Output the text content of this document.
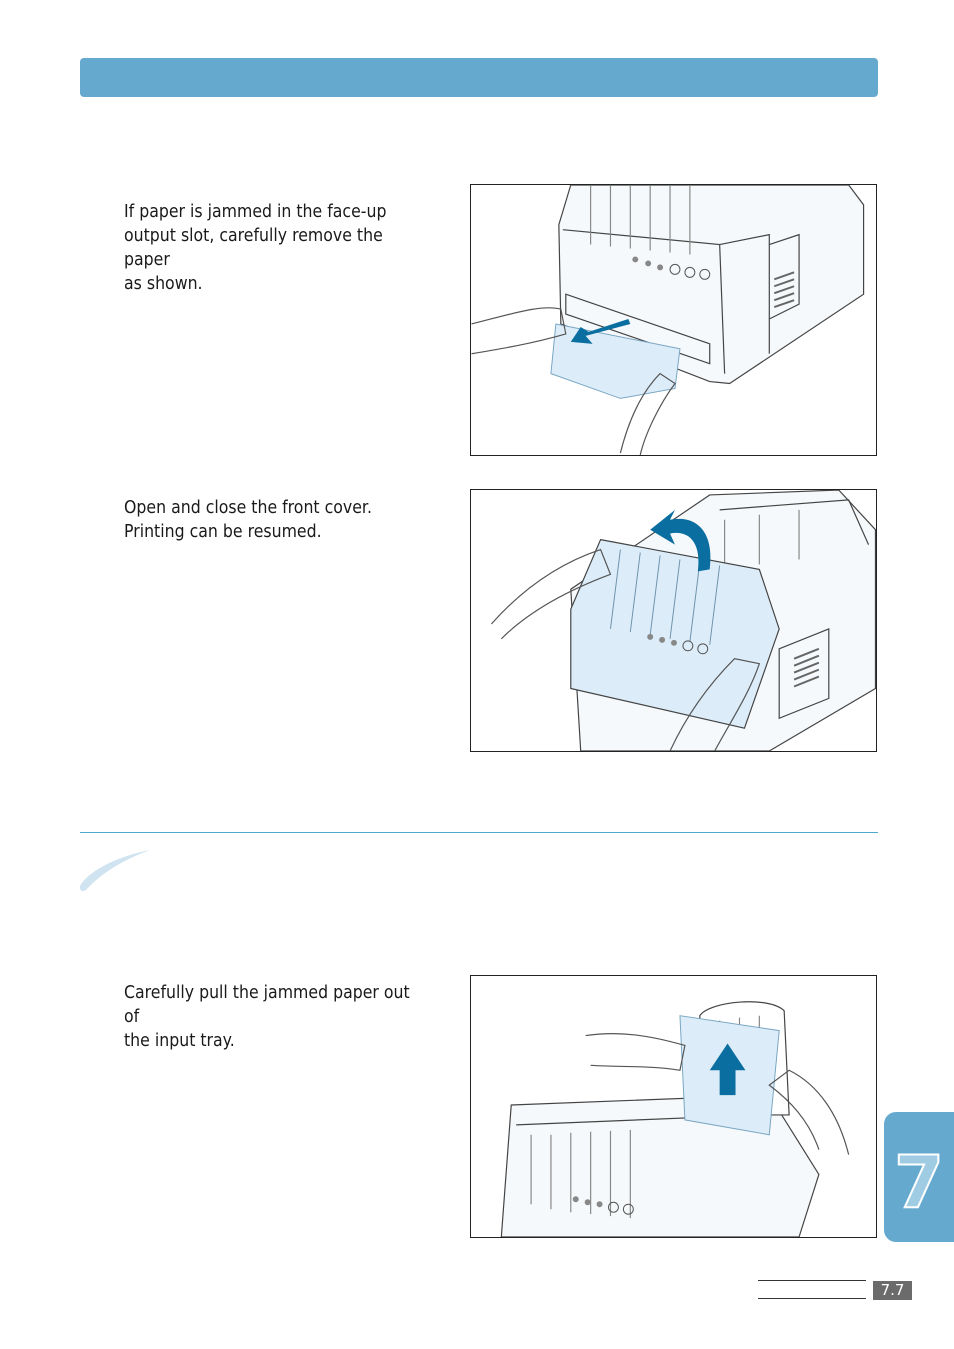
If paper is jammed in the face-up
output slot, carefully remove the paper
as shown.
Open and close the front cover.
Printing can be resumed.
Carefully pull the jammed paper out of
the input tray.
7
7.7
